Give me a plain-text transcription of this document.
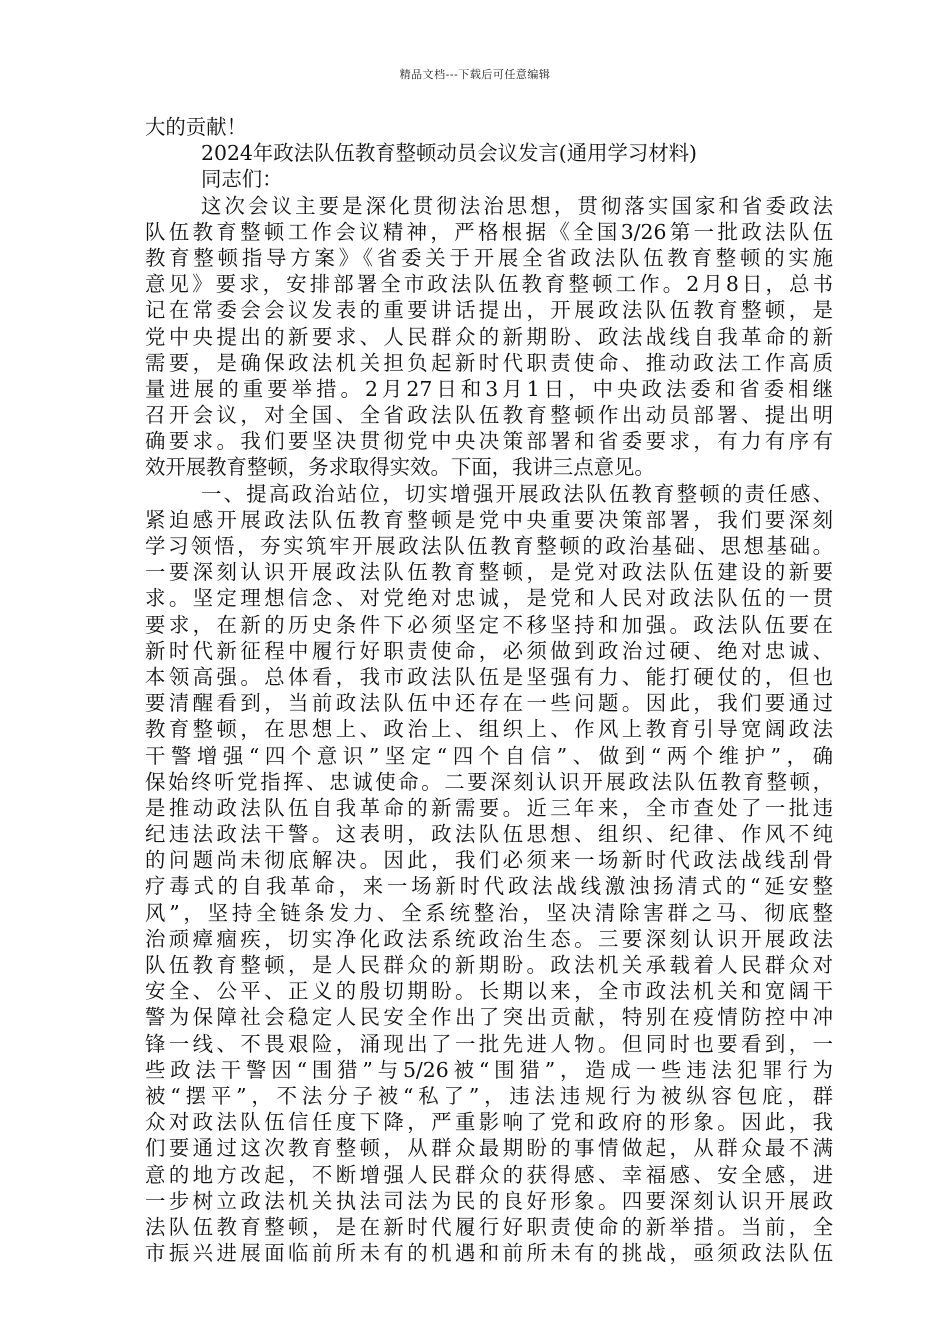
精品文档---下载后可任意编辑
大的贡献！
2024年政法队伍教育整顿动员会议发言(通用学习材料)
同志们：
这次会议主要是深化贯彻法治思想，贯彻落实国家和省委政法
队伍教育整顿工作会议精神，严格根据《全国3/26第一批政法队伍
教育整顿指导方案》《省委关于开展全省政法队伍教育整顿的实施
意见》要求，安排部署全市政法队伍教育整顿工作。2月8日，总书
记在常委会会议发表的重要讲话提出，开展政法队伍教育整顿，是
党中央提出的新要求、人民群众的新期盼、政法战线自我革命的新
需要，是确保政法机关担负起新时代职责使命、推动政法工作高质
量进展的重要举措。2月27日和3月1日，中央政法委和省委相继
召开会议，对全国、全省政法队伍教育整顿作出动员部署、提出明
确要求。我们要坚决贯彻党中央决策部署和省委要求，有力有序有
效开展教育整顿，务求取得实效。下面，我讲三点意见。
一、提高政治站位，切实增强开展政法队伍教育整顿的责任感、
紧迫感开展政法队伍教育整顿是党中央重要决策部署，我们要深刻
学习领悟，夯实筑牢开展政法队伍教育整顿的政治基础、思想基础。
一要深刻认识开展政法队伍教育整顿，是党对政法队伍建设的新要
求。坚定理想信念、对党绝对忠诚，是党和人民对政法队伍的一贯
要求，在新的历史条件下必须坚定不移坚持和加强。政法队伍要在
新时代新征程中履行好职责使命，必须做到政治过硬、绝对忠诚、
本领高强。总体看，我市政法队伍是坚强有力、能打硬仗的，但也
要清醒看到，当前政法队伍中还存在一些问题。因此，我们要通过
教育整顿，在思想上、政治上、组织上、作风上教育引导宽阔政法
干警增强“四个意识”坚定“四个自信”、做到“两个维护”，确
保始终听党指挥、忠诚使命。二要深刻认识开展政法队伍教育整顿，
是推动政法队伍自我革命的新需要。近三年来，全市查处了一批违
纪违法政法干警。这表明，政法队伍思想、组织、纪律、作风不纯
的问题尚未彻底解决。因此，我们必须来一场新时代政法战线刮骨
疗毒式的自我革命，来一场新时代政法战线激浊扬清式的“延安整
风”，坚持全链条发力、全系统整治，坚决清除害群之马、彻底整
治顽瘴痼疾，切实净化政法系统政治生态。三要深刻认识开展政法
队伍教育整顿，是人民群众的新期盼。政法机关承载着人民群众对
安全、公平、正义的殷切期盼。长期以来，全市政法机关和宽阔干
警为保障社会稳定人民安全作出了突出贡献，特别在疫情防控中冲
锋一线、不畏艰险，涌现出了一批先进人物。但同时也要看到，一
些政法干警因“围猎”与5/26被“围猎”，造成一些违法犯罪行为
被“摆平”，不法分子被“私了”，违法违规行为被纵容包庇，群
众对政法队伍信任度下降，严重影响了党和政府的形象。因此，我
们要通过这次教育整顿，从群众最期盼的事情做起，从群众最不满
意的地方改起，不断增强人民群众的获得感、幸福感、安全感，进
一步树立政法机关执法司法为民的良好形象。四要深刻认识开展政
法队伍教育整顿，是在新时代履行好职责使命的新举措。当前，全
市振兴进展面临前所未有的机遇和前所未有的挑战，亟须政法队伍
